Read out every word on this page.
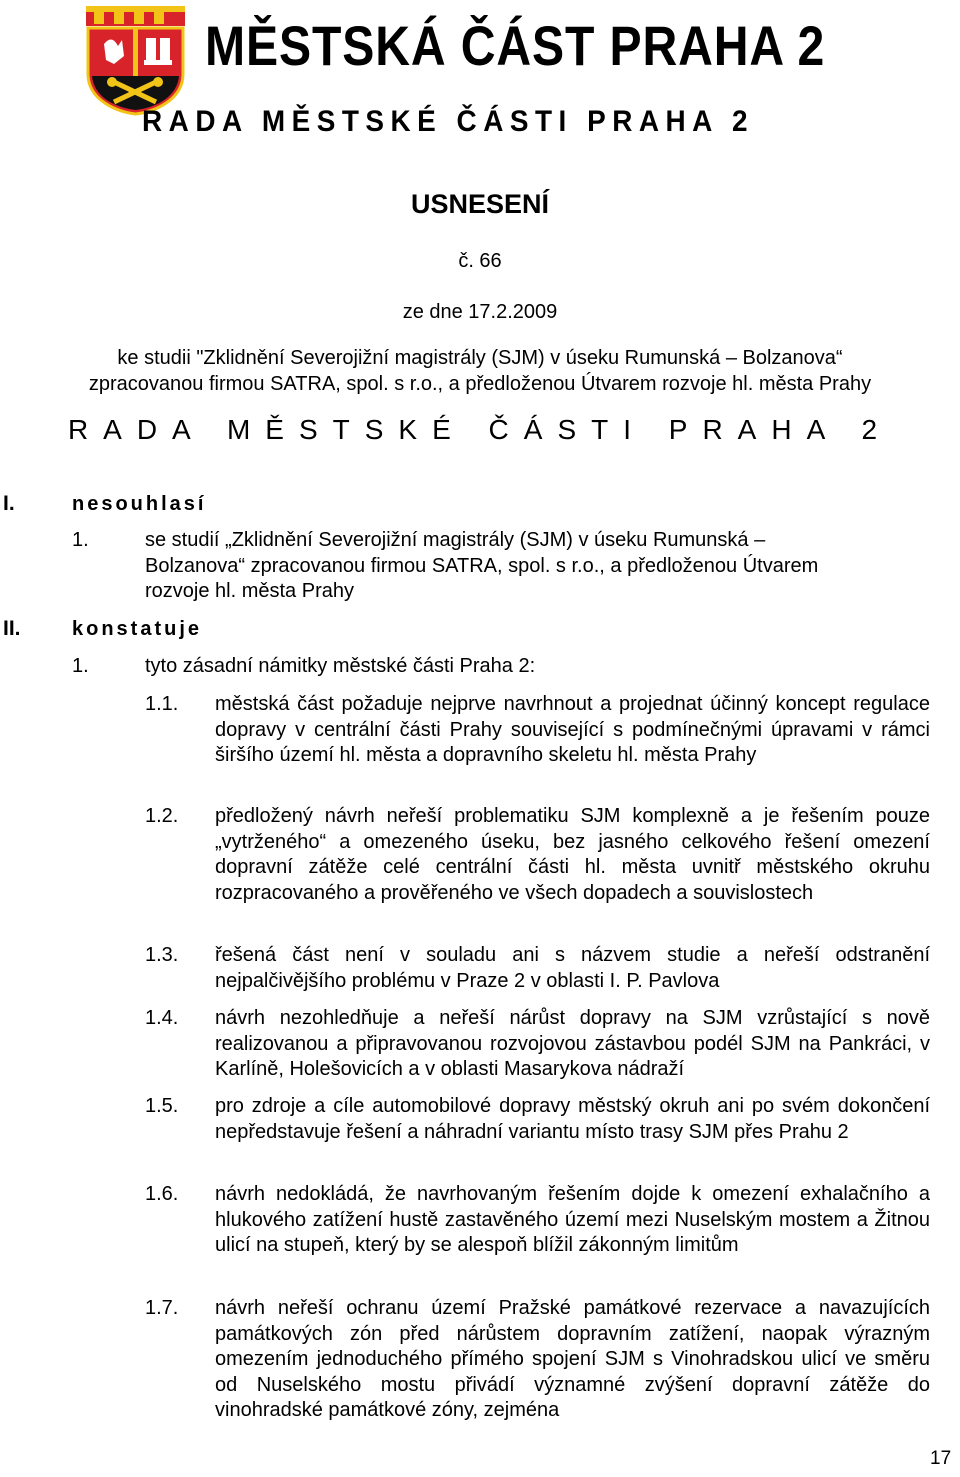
MĚSTSKÁ ČÁST PRAHA 2
RADA MĚSTSKÉ ČÁSTI PRAHA 2
USNESENÍ
č. 66
ze dne 17.2.2009
ke studii "Zklidnění Severojižní magistrály (SJM) v úseku Rumunská – Bolzanova“
zpracovanou firmou SATRA, spol. s r.o., a předloženou Útvarem rozvoje hl. města Prahy
RADA MĚSTSKÉ ČÁSTI PRAHA 2
I.	nesouhlasí
1.	se studií „Zklidnění Severojižní magistrály (SJM) v úseku Rumunská –
Bolzanova“ zpracovanou firmou SATRA, spol. s r.o., a předloženou Útvarem
rozvoje hl. města Prahy
II.	konstatuje
1.	tyto zásadní námitky městské části Praha 2:
1.1. městská část požaduje nejprve navrhnout a projednat účinný koncept regulace dopravy v centrální části Prahy související s podmínečnými úpravami v rámci širšího území hl. města a dopravního skeletu hl. města Prahy
1.2. předložený návrh neřeší problematiku SJM komplexně a je řešením pouze „vytrženého“ a omezeného úseku, bez jasného celkového řešení omezení dopravní zátěže celé centrální části hl. města uvnitř městského okruhu rozpracovaného a prověřeného ve všech dopadech a souvislostech
1.3. řešená část není v souladu ani s názvem studie a neřeší odstranění nejpalčivějšího problému v Praze 2 v oblasti I. P. Pavlova
1.4. návrh nezohledňuje a neřeší nárůst dopravy na SJM vzrůstající s nově realizovanou a připravovanou rozvojovou zástavbou podél SJM na Pankráci, v Karlíně, Holešovicích a v oblasti Masarykova nádraží
1.5. pro zdroje a cíle automobilové dopravy městský okruh ani po svém dokončení nepředstavuje řešení a náhradní variantu místo trasy SJM přes Prahu 2
1.6. návrh nedokládá, že navrhovaným řešením dojde k omezení exhalačního a hlukového zatížení hustě zastavěného území mezi Nuselským mostem a Žitnou ulicí na stupeň, který by se alespoň blížil zákonným limitům
1.7. návrh neřeší ochranu území Pražské památkové rezervace a navazujících památkových zón před nárůstem dopravním zatížení, naopak výrazným omezením jednoduchého přímého spojení SJM s Vinohradskou ulicí ve směru od Nuselského mostu přivádí významné zvýšení dopravní zátěže do vinohradské památkové zóny, zejména
17
